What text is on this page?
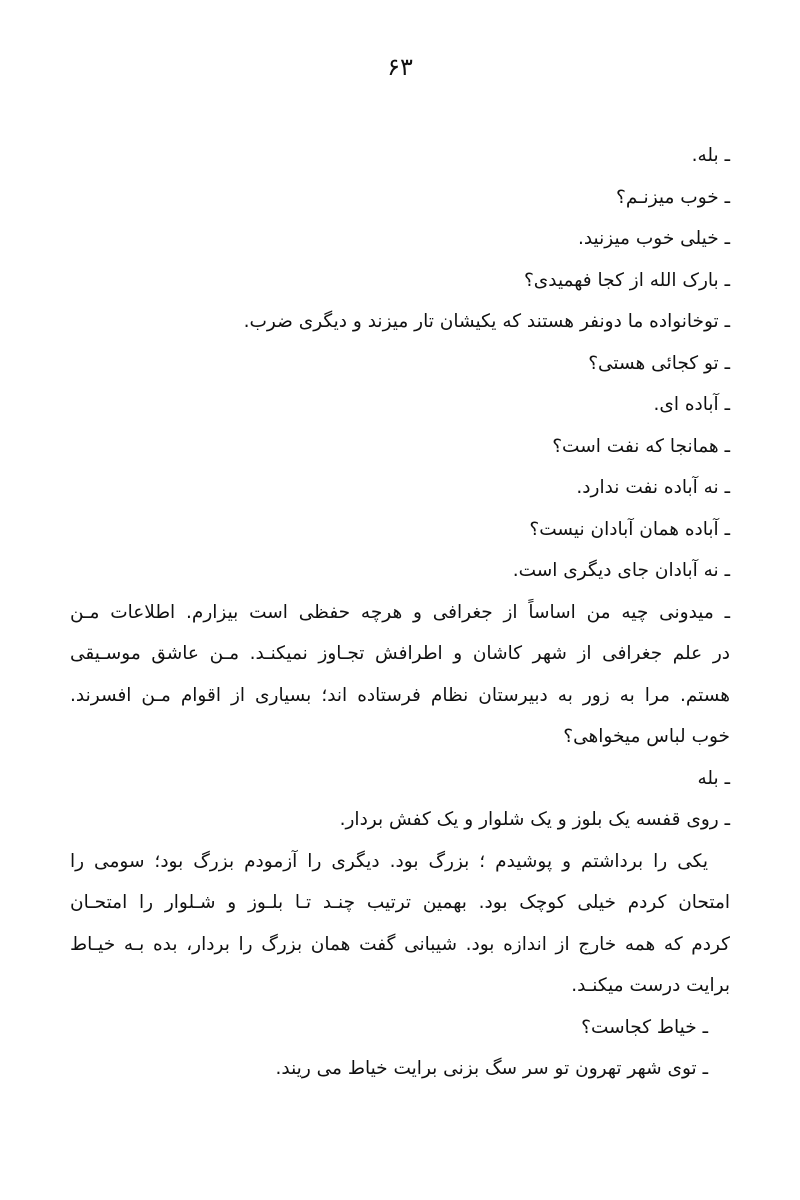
۶۳
ـ بله.
ـ خوب میزنـم؟
ـ خیلی خوب میزنید.
ـ بارک الله از کجا فهمیدی؟
ـ توخانواده ما دونفر هستند که یکیشان تار میزند و دیگری ضرب.
ـ تو کجائی هستی؟
ـ آباده ای.
ـ همانجا که نفت است؟
ـ نه آباده نفت ندارد.
ـ آباده همان آبادان نیست؟
ـ نه آبادان جای دیگری است.
ـ میدونی چیه من اساساً از جغرافی و هرچه حفظی است بیزارم. اطلاعات مـن
در علم جغرافی از شهر کاشان و اطرافش تجـاوز نمیکنـد. مـن عاشق موسـیقی
هستم. مرا به زور به دبیرستان نظام فرستاده اند؛ بسیاری از اقوام مـن افسرند.
خوب لباس میخواهی؟
ـ بله
ـ روی قفسه یک بلوز و یک شلوار و یک کفش بردار.
یکی را برداشتم و پوشیدم ؛ بزرگ بود. دیگری را آزمودم بزرگ بود؛ سومی را
امتحان کردم خیلی کوچک بود. بهمین ترتیب چنـد تـا بلـوز و شـلوار را امتحـان
کردم که همه خارج از اندازه بود. شیبانی گفت همان بزرگ را بردار، بده بـه خیـاط
برایت درست میکنـد.
ـ خیاط کجاست؟
ـ توی شهر تهرون تو سر سگ بزنی برایت خیاط می ریند.
